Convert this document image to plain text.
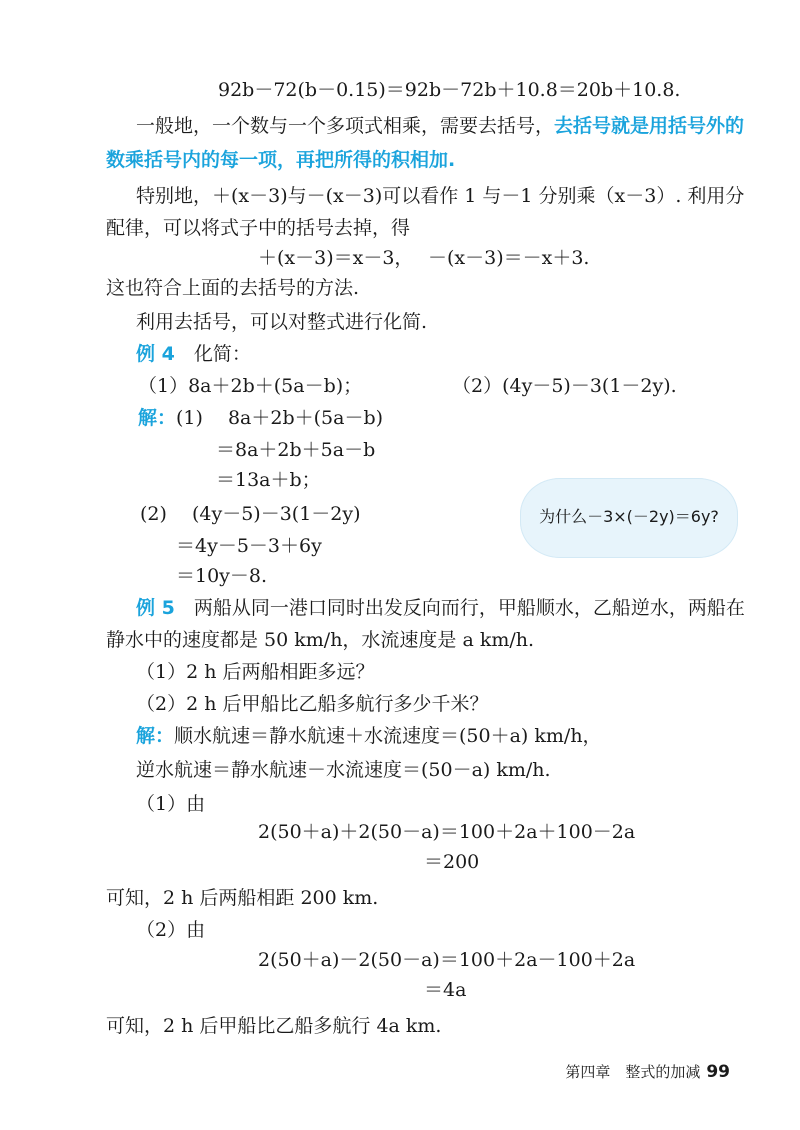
92b－72(b－0.15)＝92b－72b＋10.8＝20b＋10.8.
一般地，一个数与一个多项式相乘，需要去括号，去括号就是用括号外的
数乘括号内的每一项，再把所得的积相加.
特别地，＋(x－3)与－(x－3)可以看作 1 与－1 分别乘（x－3）. 利用分
配律，可以将式子中的括号去掉，得
＋(x－3)＝x－3， －(x－3)＝－x＋3.
这也符合上面的去括号的方法.
利用去括号，可以对整式进行化简.
例 4　 化简：
（1）8a＋2b＋(5a－b)；	（2）(4y－5)－3(1－2y).
解：(1)　 8a＋2b＋(5a－b)
＝8a＋2b＋5a－b
＝13a＋b；
(2)　 (4y－5)－3(1－2y)
＝4y－5－3＋6y
＝10y－8.
为什么－3×(－2y)＝6y?
例 5　 两船从同一港口同时出发反向而行，甲船顺水，乙船逆水，两船在
静水中的速度都是 50 km/h，水流速度是 a km/h.
（1）2 h 后两船相距多远？
（2）2 h 后甲船比乙船多航行多少千米？
解：顺水航速＝静水航速＋水流速度＝(50＋a) km/h，
逆水航速＝静水航速－水流速度＝(50－a) km/h.
（1）由
2(50＋a)＋2(50－a)＝100＋2a＋100－2a
＝200
可知，2 h 后两船相距 200 km.
（2）由
2(50＋a)－2(50－a)＝100＋2a－100＋2a
＝4a
可知，2 h 后甲船比乙船多航行 4a km.
第四章　整式的加减 99
